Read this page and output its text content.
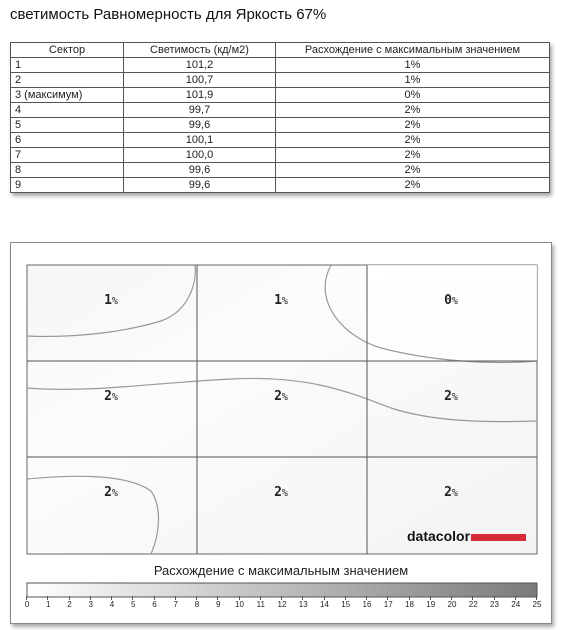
светимость Равномерность для Яркость 67%
Сектор	Светимость (кд/м2)	Расхождение с максимальным значением
1	101,2	1%
2	100,7	1%
3 (максимум)	101,9	0%
4	99,7	2%
5	99,6	2%
6	100,1	2%
7	100,0	2%
8	99,6	2%
9	99,6	2%
1%	1%	0%
2%	2%	2%
2%	2%	2%
datacolor
Расхождение с максимальным значением
0	1	2	3	4	5	6	7	8	9	10	11	12	13	14	15	16	17	18	19	20	22	23	24	25
